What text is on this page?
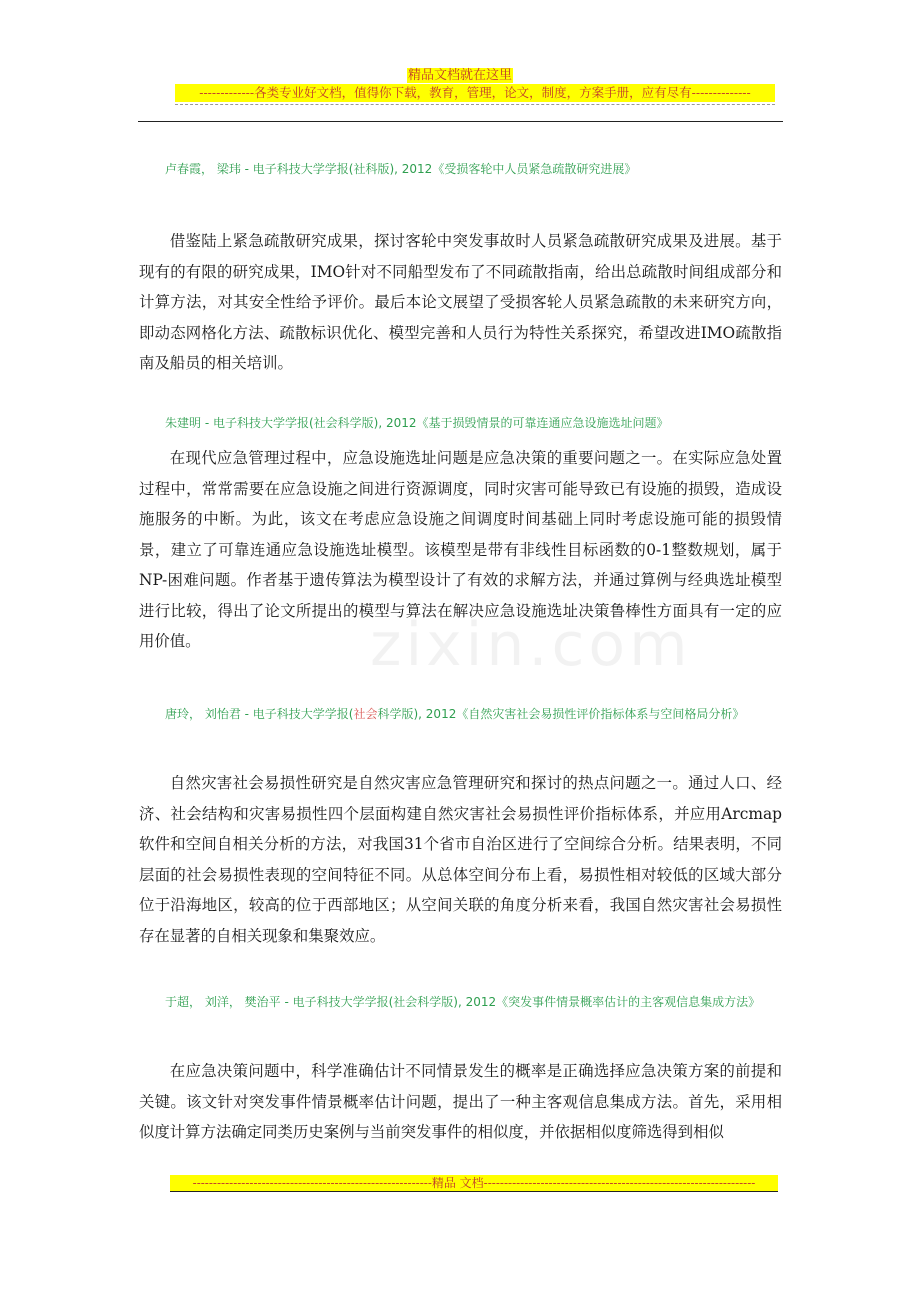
精品文档就在这里
-------------各类专业好文档，值得你下载，教育，管理，论文，制度，方案手册，应有尽有--------------
zixin.com
卢春霞， 梁玮 - 电子科技大学学报(社科版), 2012《受损客轮中人员紧急疏散研究进展》
借鉴陆上紧急疏散研究成果，探讨客轮中突发事故时人员紧急疏散研究成果及进展。基于现有的有限的研究成果，IMO针对不同船型发布了不同疏散指南，给出总疏散时间组成部分和计算方法，对其安全性给予评价。最后本论文展望了受损客轮人员紧急疏散的未来研究方向，即动态网格化方法、疏散标识优化、模型完善和人员行为特性关系探究，希望改进IMO疏散指南及船员的相关培训。
朱建明 - 电子科技大学学报(社会科学版), 2012《基于损毁情景的可靠连通应急设施选址问题》
在现代应急管理过程中，应急设施选址问题是应急决策的重要问题之一。在实际应急处置过程中，常常需要在应急设施之间进行资源调度，同时灾害可能导致已有设施的损毁，造成设施服务的中断。为此，该文在考虑应急设施之间调度时间基础上同时考虑设施可能的损毁情景，建立了可靠连通应急设施选址模型。该模型是带有非线性目标函数的0-1整数规划，属于NP-困难问题。作者基于遗传算法为模型设计了有效的求解方法，并通过算例与经典选址模型进行比较，得出了论文所提出的模型与算法在解决应急设施选址决策鲁棒性方面具有一定的应用价值。
唐玲， 刘怡君 - 电子科技大学学报(社会科学版), 2012《自然灾害社会易损性评价指标体系与空间格局分析》
自然灾害社会易损性研究是自然灾害应急管理研究和探讨的热点问题之一。通过人口、经济、社会结构和灾害易损性四个层面构建自然灾害社会易损性评价指标体系，并应用Arcmap软件和空间自相关分析的方法，对我国31个省市自治区进行了空间综合分析。结果表明，不同层面的社会易损性表现的空间特征不同。从总体空间分布上看，易损性相对较低的区域大部分位于沿海地区，较高的位于西部地区；从空间关联的角度分析来看，我国自然灾害社会易损性存在显著的自相关现象和集聚效应。
于超， 刘洋， 樊治平 - 电子科技大学学报(社会科学版), 2012《突发事件情景概率估计的主客观信息集成方法》
在应急决策问题中，科学准确估计不同情景发生的概率是正确选择应急决策方案的前提和关键。该文针对突发事件情景概率估计问题，提出了一种主客观信息集成方法。首先，采用相似度计算方法确定同类历史案例与当前突发事件的相似度，并依据相似度筛选得到相似
-----------------------------------------------------------精品 文档-------------------------------------------------------------------
